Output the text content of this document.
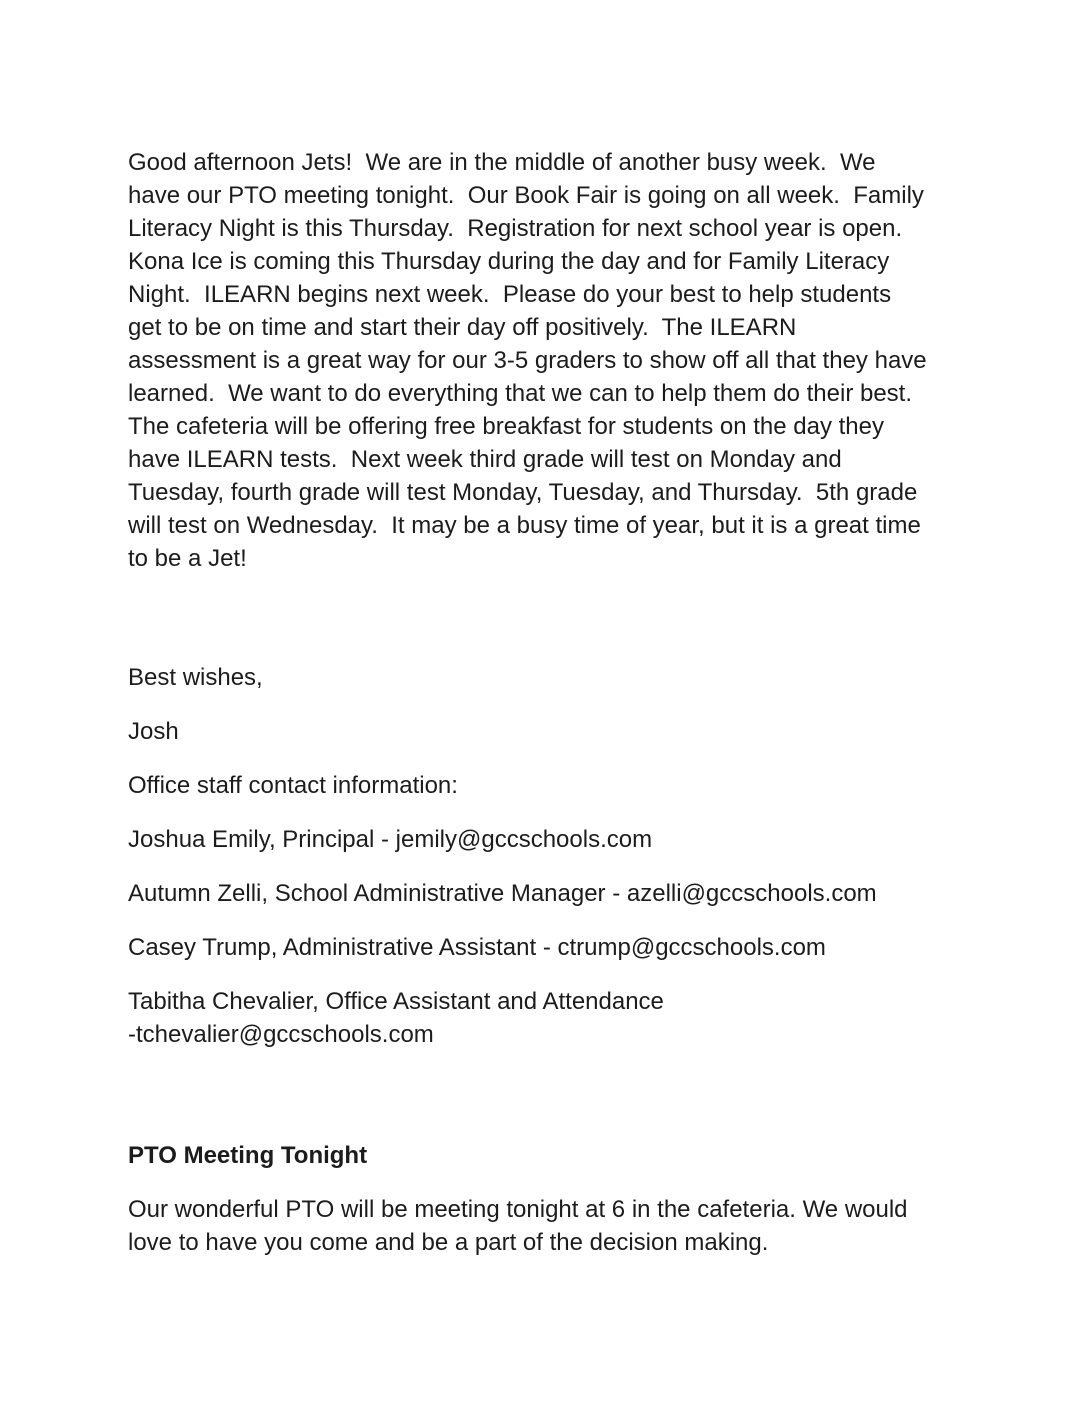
Good afternoon Jets!  We are in the middle of another busy week.  We
have our PTO meeting tonight.  Our Book Fair is going on all week.  Family
Literacy Night is this Thursday.  Registration for next school year is open.
Kona Ice is coming this Thursday during the day and for Family Literacy
Night.  ILEARN begins next week.  Please do your best to help students
get to be on time and start their day off positively.  The ILEARN
assessment is a great way for our 3-5 graders to show off all that they have
learned.  We want to do everything that we can to help them do their best.
The cafeteria will be offering free breakfast for students on the day they
have ILEARN tests.  Next week third grade will test on Monday and
Tuesday, fourth grade will test Monday, Tuesday, and Thursday.  5th grade
will test on Wednesday.  It may be a busy time of year, but it is a great time
to be a Jet!

Best wishes,

Josh

Office staff contact information:

Joshua Emily, Principal - jemily@gccschools.com

Autumn Zelli, School Administrative Manager - azelli@gccschools.com

Casey Trump, Administrative Assistant - ctrump@gccschools.com

Tabitha Chevalier, Office Assistant and Attendance
-tchevalier@gccschools.com

PTO Meeting Tonight

Our wonderful PTO will be meeting tonight at 6 in the cafeteria. We would
love to have you come and be a part of the decision making.
